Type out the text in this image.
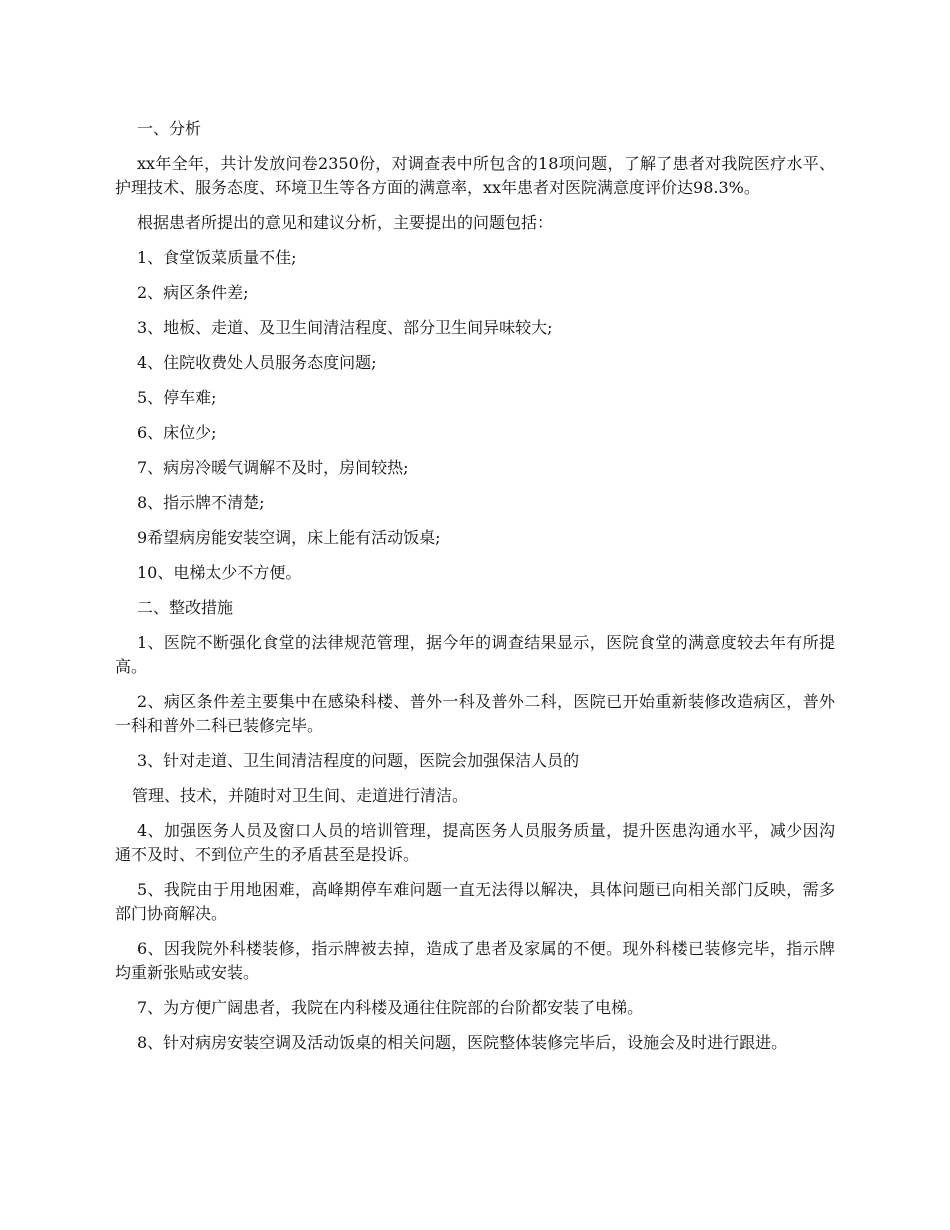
一、分析

xx年全年，共计发放问卷2350份，对调查表中所包含的18项问题，了解了患者对我院医疗水平、护理技术、服务态度、环境卫生等各方面的满意率，xx年患者对医院满意度评价达98.3%。

根据患者所提出的意见和建议分析，主要提出的问题包括：

1、食堂饭菜质量不佳;

2、病区条件差;

3、地板、走道、及卫生间清洁程度、部分卫生间异味较大;

4、住院收费处人员服务态度问题;

5、停车难;

6、床位少;

7、病房冷暖气调解不及时，房间较热;

8、指示牌不清楚;

9希望病房能安装空调，床上能有活动饭桌;

10、电梯太少不方便。

二、整改措施

1、医院不断强化食堂的法律规范管理，据今年的调查结果显示，医院食堂的满意度较去年有所提高。

2、病区条件差主要集中在感染科楼、普外一科及普外二科，医院已开始重新装修改造病区，普外一科和普外二科已装修完毕。

3、针对走道、卫生间清洁程度的问题，医院会加强保洁人员的

管理、技术，并随时对卫生间、走道进行清洁。

4、加强医务人员及窗口人员的培训管理，提高医务人员服务质量，提升医患沟通水平，减少因沟通不及时、不到位产生的矛盾甚至是投诉。

5、我院由于用地困难，高峰期停车难问题一直无法得以解决，具体问题已向相关部门反映，需多部门协商解决。

6、因我院外科楼装修，指示牌被去掉，造成了患者及家属的不便。现外科楼已装修完毕，指示牌均重新张贴或安装。

7、为方便广阔患者，我院在内科楼及通往住院部的台阶都安装了电梯。

8、针对病房安装空调及活动饭桌的相关问题，医院整体装修完毕后，设施会及时进行跟进。
